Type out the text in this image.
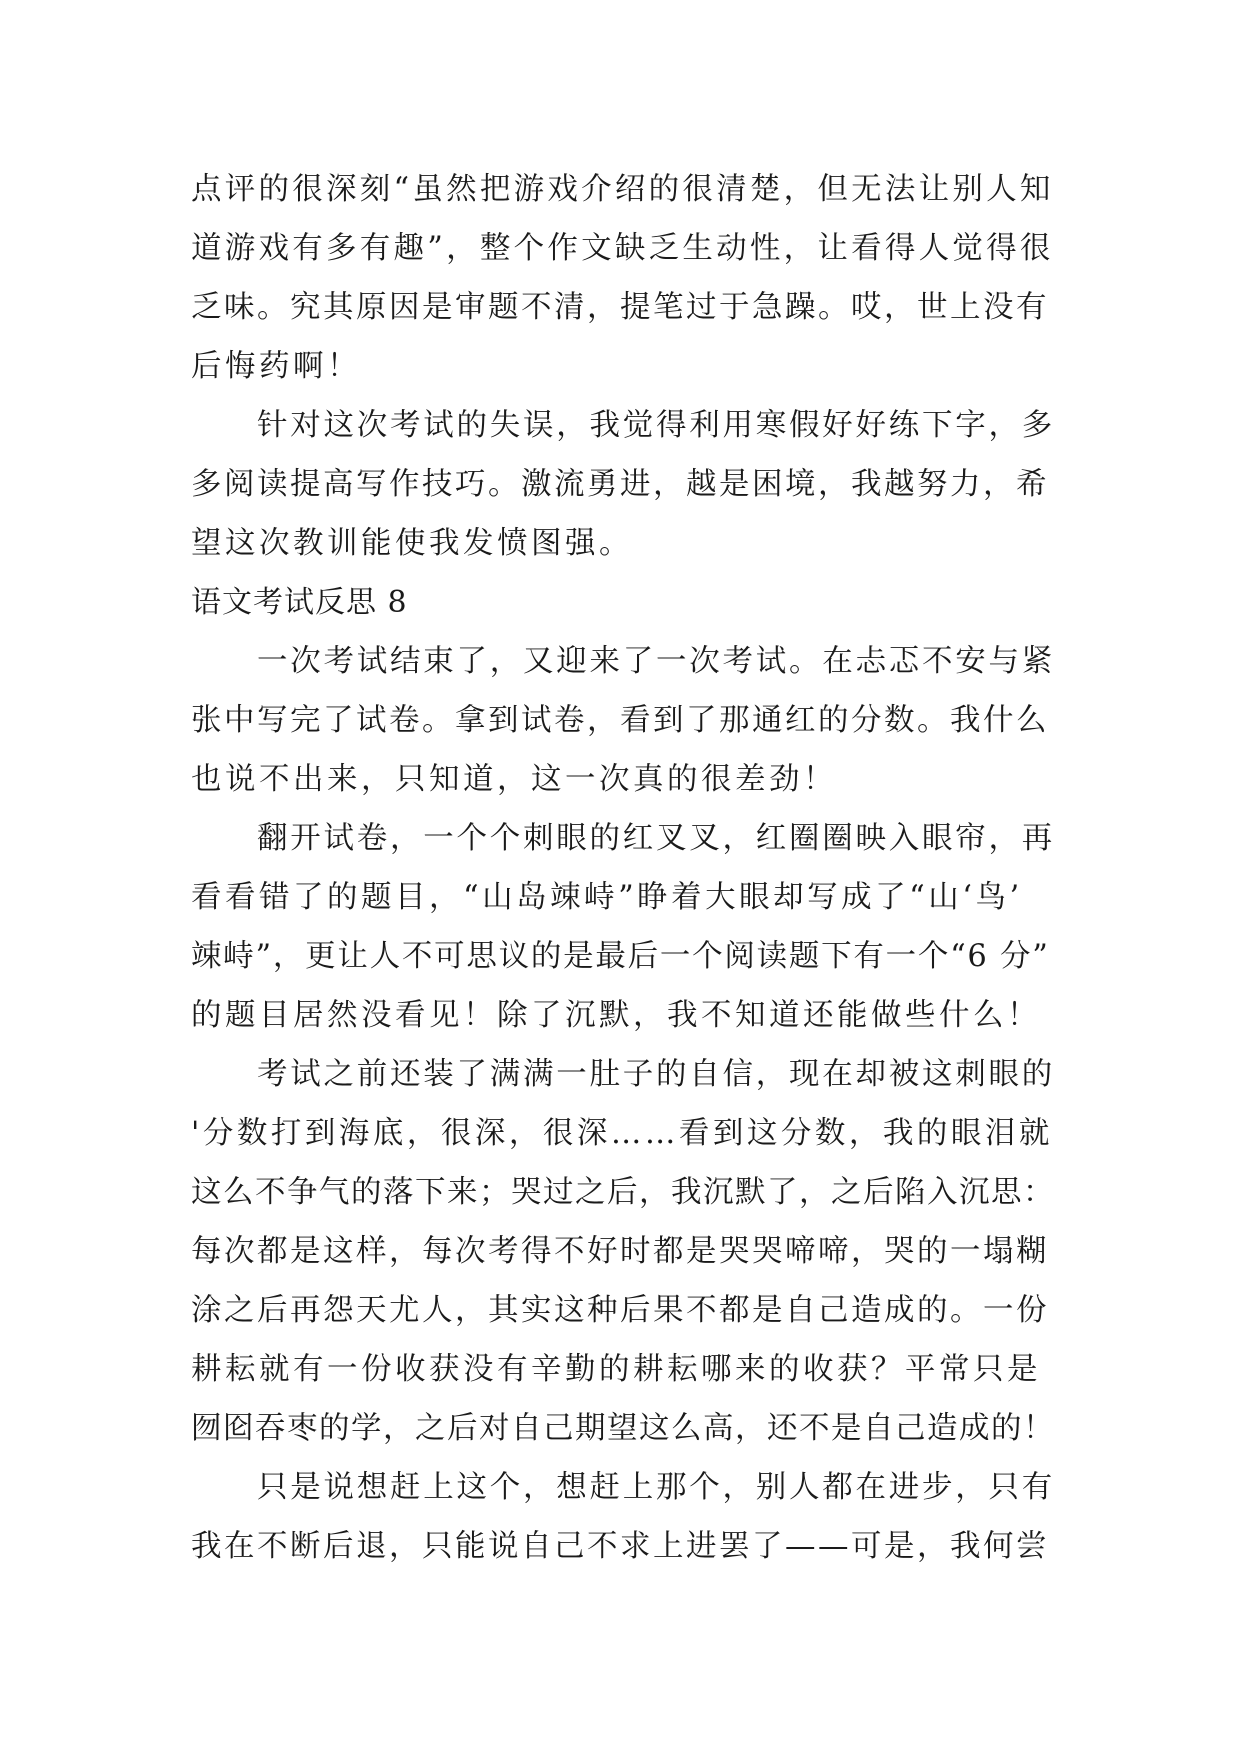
点评的很深刻“虽然把游戏介绍的很清楚，但无法让别人知
道游戏有多有趣”，整个作文缺乏生动性，让看得人觉得很
乏味。究其原因是审题不清，提笔过于急躁。哎，世上没有
后悔药啊！
针对这次考试的失误，我觉得利用寒假好好练下字，多
多阅读提高写作技巧。激流勇进，越是困境，我越努力，希
望这次教训能使我发愤图强。
语文考试反思 8
一次考试结束了，又迎来了一次考试。在忐忑不安与紧
张中写完了试卷。拿到试卷，看到了那通红的分数。我什么
也说不出来，只知道，这一次真的很差劲！
翻开试卷，一个个刺眼的红叉叉，红圈圈映入眼帘，再
看看错了的题目，“山岛竦峙”睁着大眼却写成了“山‘鸟’
竦峙”，更让人不可思议的是最后一个阅读题下有一个“6 分”
的题目居然没看见！除了沉默，我不知道还能做些什么！
考试之前还装了满满一肚子的自信，现在却被这刺眼的
'分数打到海底，很深，很深……看到这分数，我的眼泪就
这么不争气的落下来；哭过之后，我沉默了，之后陷入沉思：
每次都是这样，每次考得不好时都是哭哭啼啼，哭的一塌糊
涂之后再怨天尤人，其实这种后果不都是自己造成的。一份
耕耘就有一份收获没有辛勤的耕耘哪来的收获？平常只是
囫囵吞枣的学，之后对自己期望这么高，还不是自己造成的！
只是说想赶上这个，想赶上那个，别人都在进步，只有
我在不断后退，只能说自己不求上进罢了——可是，我何尝
